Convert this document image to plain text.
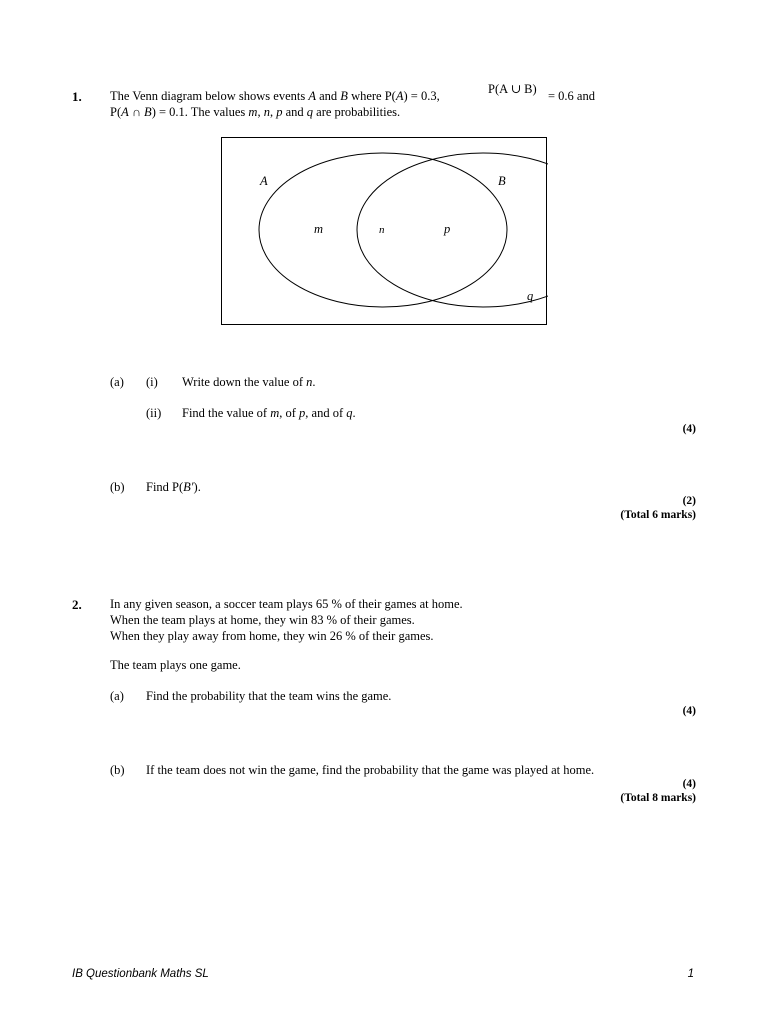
1. The Venn diagram below shows events A and B where P(A) = 0.3,	P(A ∪ B) = 0.6 and
P(A ∩ B) = 0.1. The values m, n, p and q are probabilities.
A	B
m	n	p
q
(a) (i) Write down the value of n.
(ii) Find the value of m, of p, and of q.
(4)
(b) Find P(B′).
(2)
(Total 6 marks)
2. In any given season, a soccer team plays 65 % of their games at home.
When the team plays at home, they win 83 % of their games.
When they play away from home, they win 26 % of their games.
The team plays one game.
(a) Find the probability that the team wins the game.
(4)
(b) If the team does not win the game, find the probability that the game was played at home.
(4)
(Total 8 marks)
IB Questionbank Maths SL	1
